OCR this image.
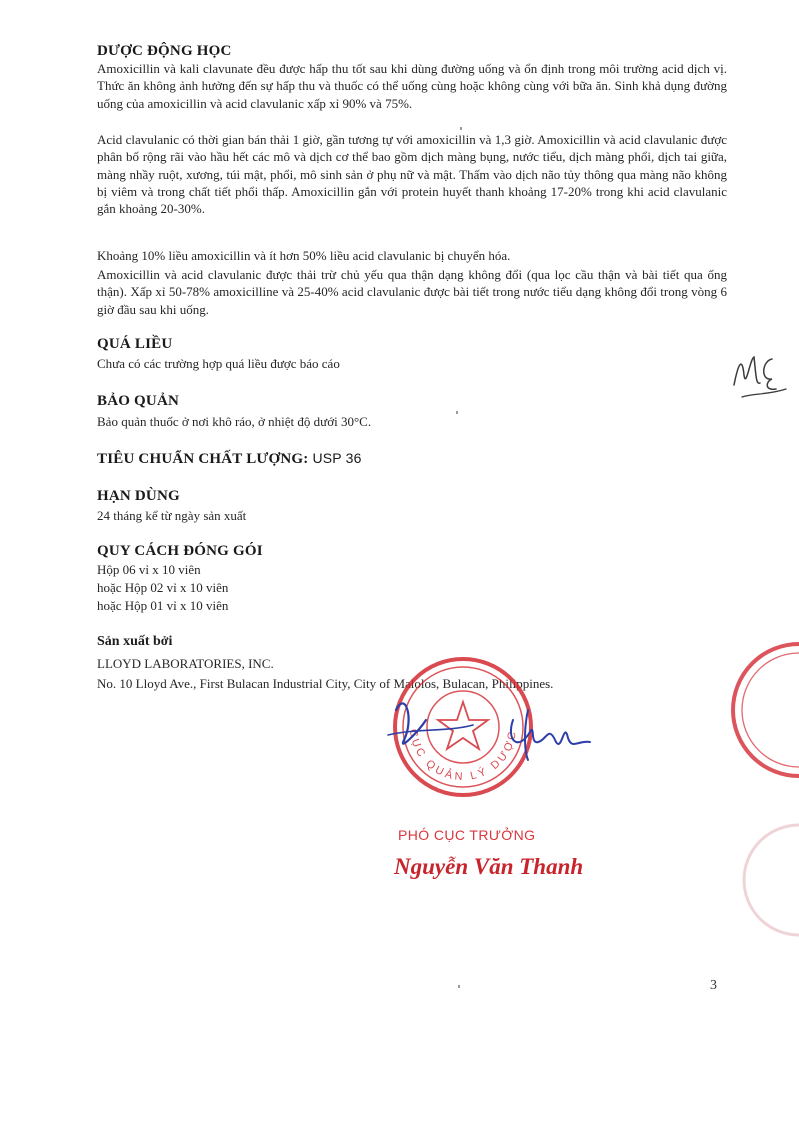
DƯỢC ĐỘNG HỌC

Amoxicillin và kali clavunate đều được hấp thu tốt sau khi dùng đường uống và ổn định trong môi trường acid dịch vị. Thức ăn không ảnh hưởng đến sự hấp thu và thuốc có thể uống cùng hoặc không cùng với bữa ăn. Sinh khả dụng đường uống của amoxicillin và acid clavulanic xấp xỉ 90% và 75%.

Acid clavulanic có thời gian bán thải 1 giờ, gần tương tự với amoxicillin và 1,3 giờ. Amoxicillin và acid clavulanic được phân bố rộng rãi vào hầu hết các mô và dịch cơ thể bao gồm dịch màng bụng, nước tiểu, dịch màng phổi, dịch tai giữa, màng nhầy ruột, xương, túi mật, phổi, mô sinh sản ở phụ nữ và mật. Thấm vào dịch não tủy thông qua màng não không bị viêm và trong chất tiết phổi thấp. Amoxicillin gắn với protein huyết thanh khoảng 17-20% trong khi acid clavulanic gắn khoảng 20-30%.

Khoảng 10% liều amoxicillin và ít hơn 50% liều acid clavulanic bị chuyển hóa.

Amoxicillin và acid clavulanic được thải trừ chủ yếu qua thận dạng không đổi (qua lọc cầu thận và bài tiết qua ống thận). Xấp xỉ 50-78% amoxicilline và 25-40% acid clavulanic được bài tiết trong nước tiểu dạng không đổi trong vòng 6 giờ đầu sau khi uống.

QUÁ LIỀU

Chưa có các trường hợp quá liều được báo cáo

BẢO QUẢN

Bảo quản thuốc ở nơi khô ráo, ở nhiệt độ dưới 30°C.

TIÊU CHUẨN CHẤT LƯỢNG: USP 36
HẠN DÙNG

24 tháng kể từ ngày sản xuất

QUY CÁCH ĐÓNG GÓI

Hộp 06 vỉ x 10 viên

hoặc Hộp 02 vỉ x 10 viên

hoặc Hộp 01 vỉ x 10 viên

Sản xuất bởi

LLOYD LABORATORIES, INC.

No. 10 Lloyd Ave., First Bulacan Industrial City, City of Malolos, Bulacan, Philippines.

CỤC QUẢN LÝ DƯỢC

PHÓ CỤC TRƯỞNG

Nguyễn Văn Thanh

3
